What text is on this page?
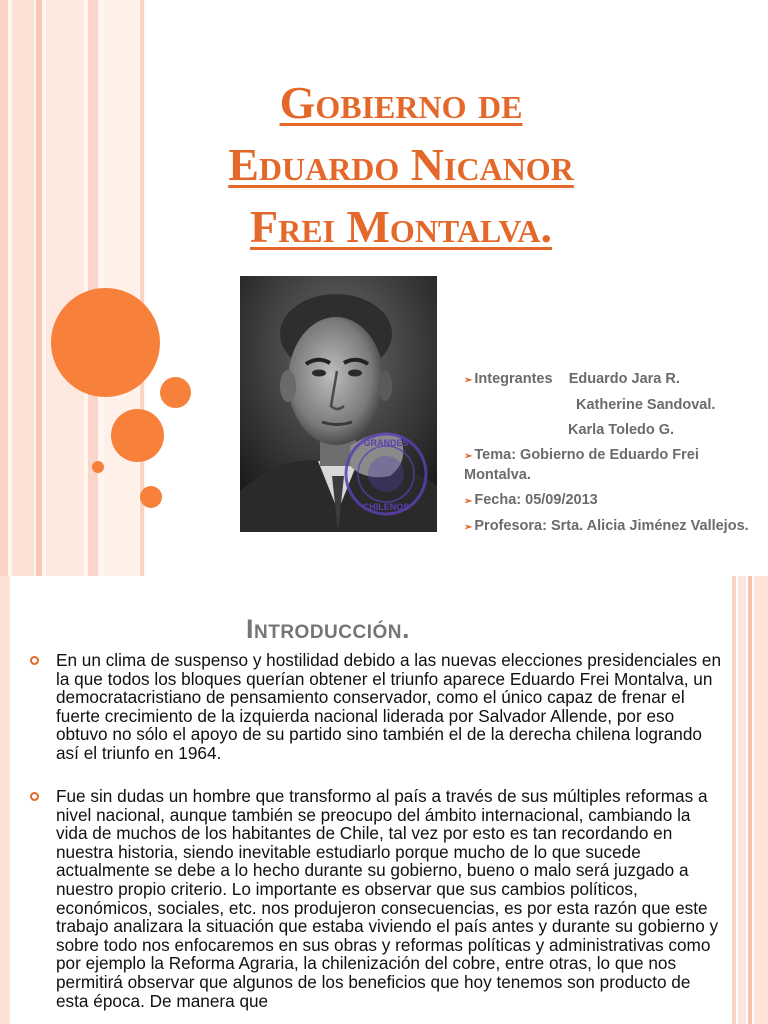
Gobierno de
Eduardo Nicanor
Frei Montalva.
GRANDES
CHILENOS
➢ Integrantes Eduardo Jara R.
Katherine Sandoval.
Karla Toledo G.
➢ Tema: Gobierno de Eduardo Frei Montalva.
➢ Fecha: 05/09/2013
➢ Profesora: Srta. Alicia Jiménez Vallejos.
Introducción.

En un clima de suspenso y hostilidad debido a las nuevas elecciones presidenciales en la que todos los bloques querían obtener el triunfo aparece Eduardo Frei Montalva, un democratacristiano de pensamiento conservador, como el único capaz de frenar el fuerte crecimiento de la izquierda nacional liderada por Salvador Allende, por eso obtuvo no sólo el apoyo de su partido sino también el de la derecha chilena logrando así el triunfo en 1964.

Fue sin dudas un hombre que transformo al país a través de sus múltiples reformas a nivel nacional, aunque también se preocupo del ámbito internacional, cambiando la vida de muchos de los habitantes de Chile, tal vez por esto es tan recordando en nuestra historia, siendo inevitable estudiarlo porque mucho de lo que sucede actualmente se debe a lo hecho durante su gobierno, bueno o malo será juzgado a nuestro propio criterio. Lo importante es observar que sus cambios políticos, económicos, sociales, etc. nos produjeron consecuencias, es por esta razón que este trabajo analizara la situación que estaba viviendo el país antes y durante su gobierno y sobre todo nos enfocaremos en sus obras y reformas políticas y administrativas como por ejemplo la Reforma Agraria, la chilenización del cobre, entre otras, lo que nos permitirá observar que algunos de los beneficios que hoy tenemos son producto de esta época. De manera que
